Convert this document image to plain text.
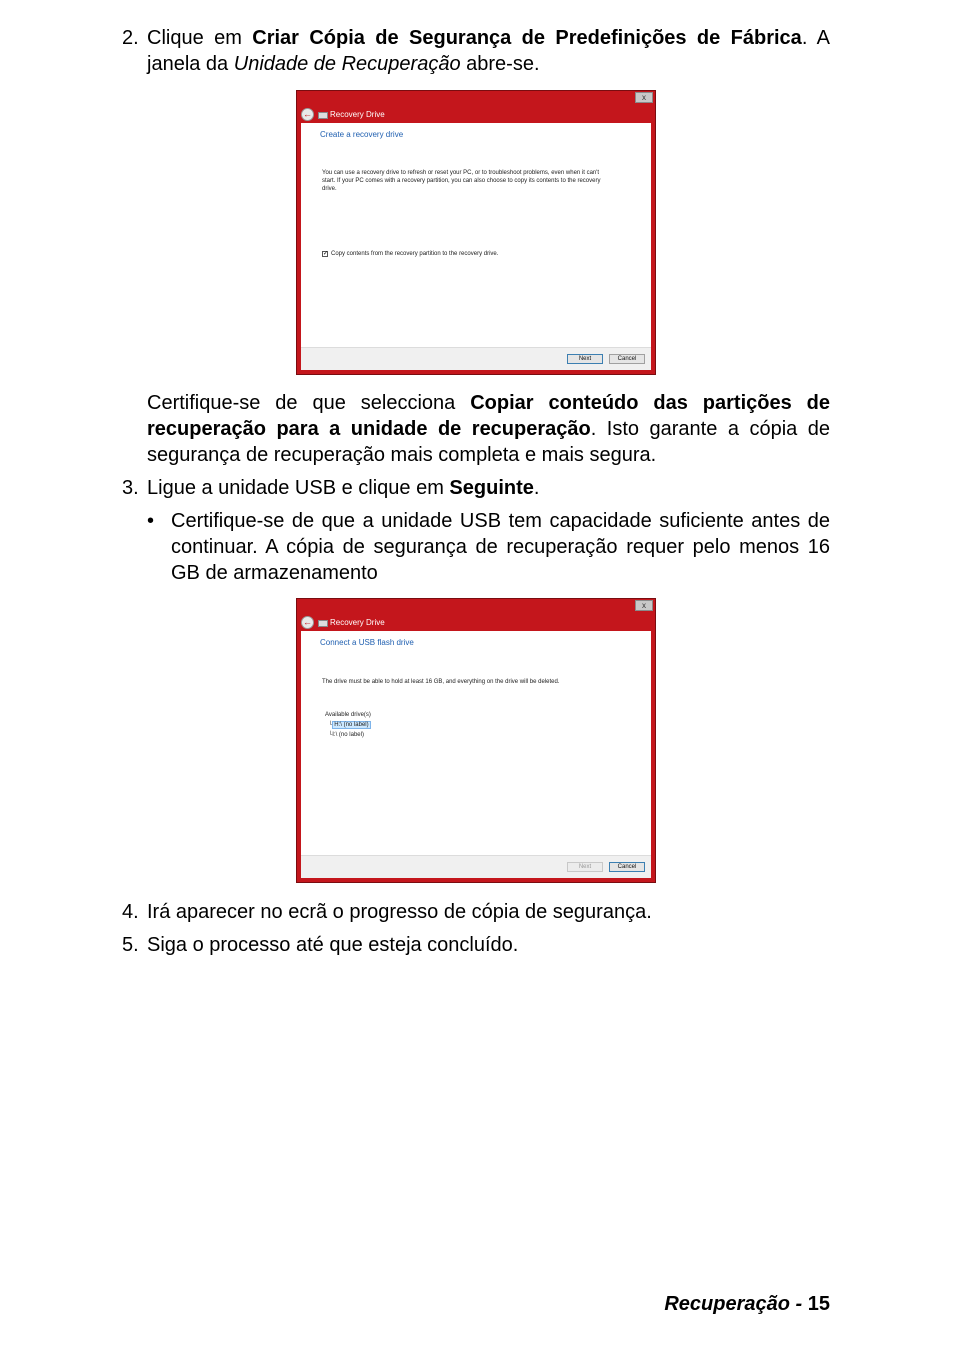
2. Clique em Criar Cópia de Segurança de Predefinições de Fábrica. A janela da Unidade de Recuperação abre-se.
x
← Recovery Drive
Create a recovery drive
You can use a recovery drive to refresh or reset your PC, or to troubleshoot problems, even when it can't start. If your PC comes with a recovery partition, you can also choose to copy its contents to the recovery drive.
✓ Copy contents from the recovery partition to the recovery drive.
Next	Cancel
Certifique-se de que selecciona Copiar conteúdo das partições de recuperação para a unidade de recuperação. Isto garante a cópia de segurança de recuperação mais completa e mais segura.
3. Ligue a unidade USB e clique em Seguinte.
• Certifique-se de que a unidade USB tem capacidade suficiente antes de continuar. A cópia de segurança de recuperação requer pelo menos 16 GB de armazenamento
x
← Recovery Drive
Connect a USB flash drive
The drive must be able to hold at least 16 GB, and everything on the drive will be deleted.
Available drive(s)
└ H:\ (no label)
└I:\ (no label)
Next	Cancel
4. Irá aparecer no ecrã o progresso de cópia de segurança.
5. Siga o processo até que esteja concluído.
Recuperação - 15
